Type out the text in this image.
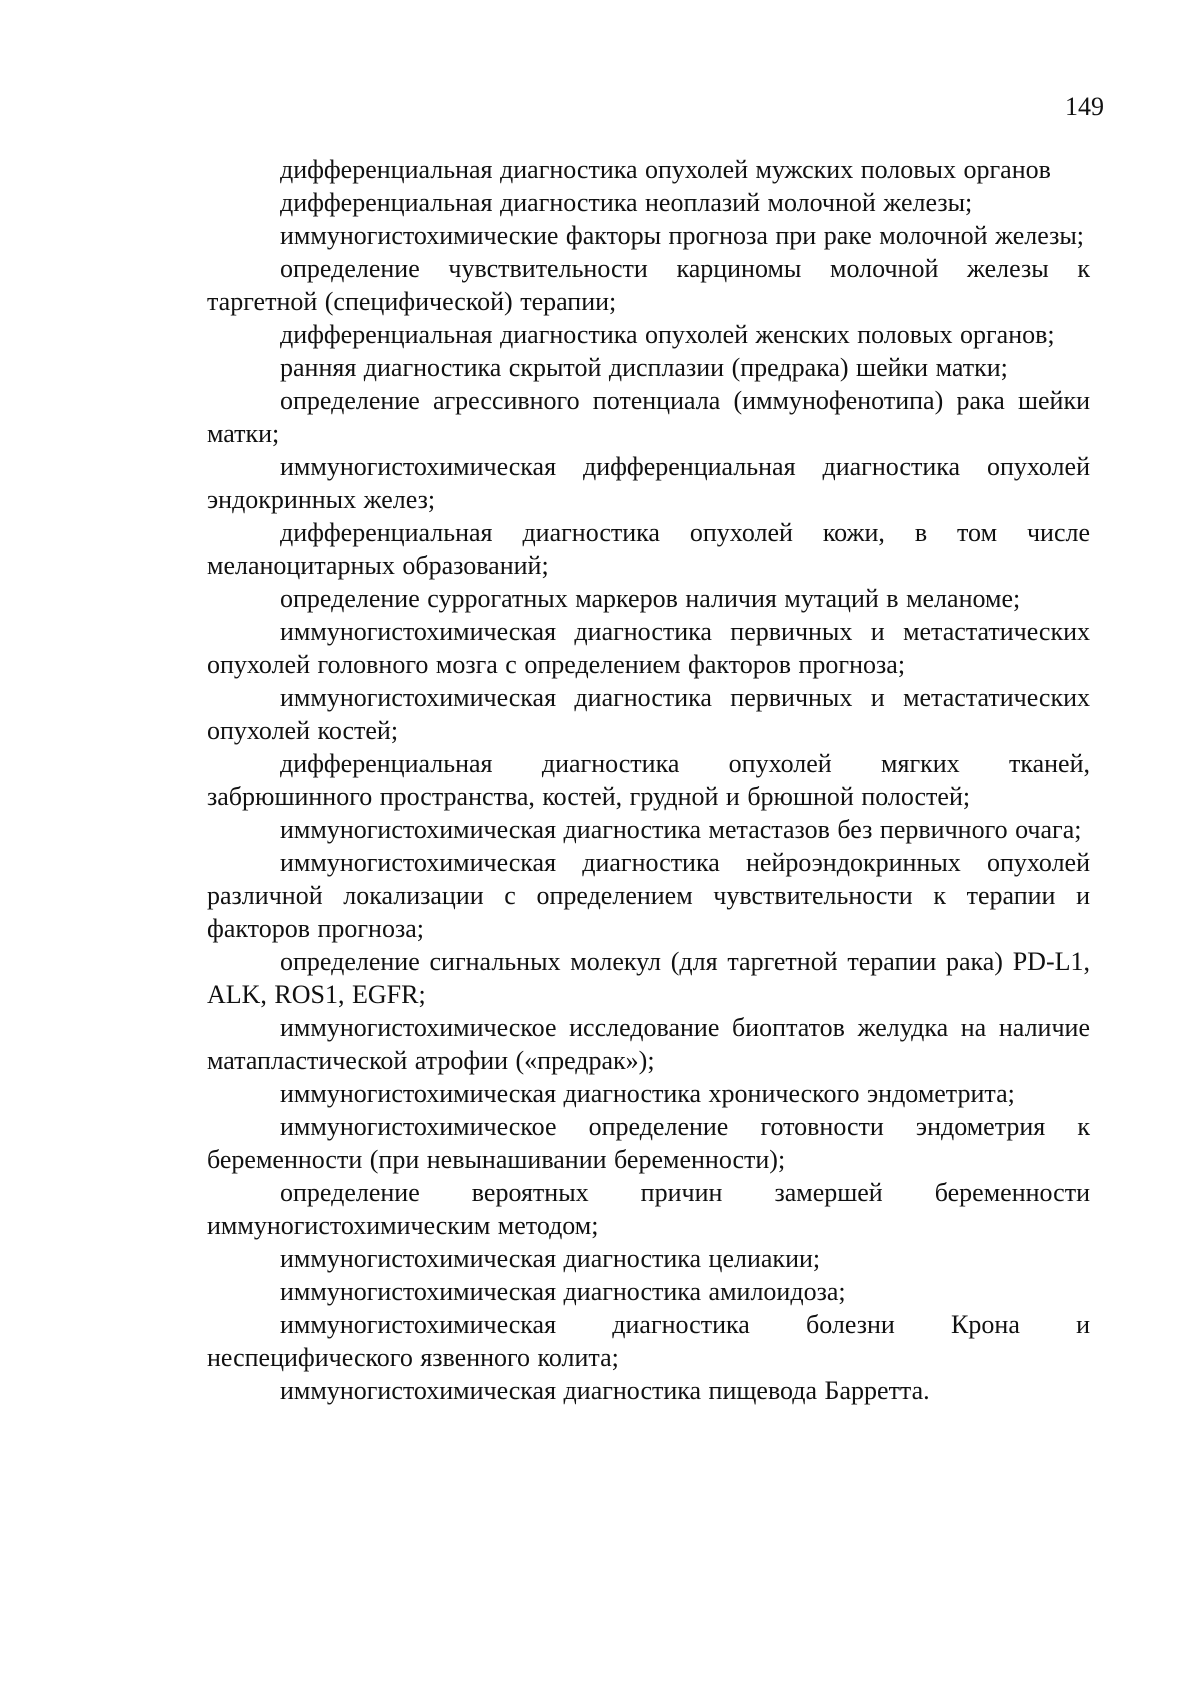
149

дифференциальная диагностика опухолей мужских половых органов

дифференциальная диагностика неоплазий молочной железы;

иммуногистохимические факторы прогноза при раке молочной железы;

определение чувствительности карциномы молочной железы к таргетной (специфической) терапии;

дифференциальная диагностика опухолей женских половых органов;

ранняя диагностика скрытой дисплазии (предрака) шейки матки;

определение агрессивного потенциала (иммунофенотипа) рака шейки матки;

иммуногистохимическая дифференциальная диагностика опухолей эндокринных желез;

дифференциальная диагностика опухолей кожи, в том числе меланоцитарных образований;

определение суррогатных маркеров наличия мутаций в меланоме;

иммуногистохимическая диагностика первичных и метастатических опухолей головного мозга с определением факторов прогноза;

иммуногистохимическая диагностика первичных и метастатических опухолей костей;

дифференциальная диагностика опухолей мягких тканей, забрюшинного пространства, костей, грудной и брюшной полостей;

иммуногистохимическая диагностика метастазов без первичного очага;

иммуногистохимическая диагностика нейроэндокринных опухолей различной локализации с определением чувствительности к терапии и факторов прогноза;

определение сигнальных молекул (для таргетной терапии рака) PD-L1, ALK, ROS1, EGFR;

иммуногистохимическое исследование биоптатов желудка на наличие матапластической атрофии («предрак»);

иммуногистохимическая диагностика хронического эндометрита;

иммуногистохимическое определение готовности эндометрия к беременности (при невынашивании беременности);

определение вероятных причин замершей беременности иммуногистохимическим методом;

иммуногистохимическая диагностика целиакии;

иммуногистохимическая диагностика амилоидоза;

иммуногистохимическая диагностика болезни Крона и неспецифического язвенного колита;

иммуногистохимическая диагностика пищевода Барретта.
